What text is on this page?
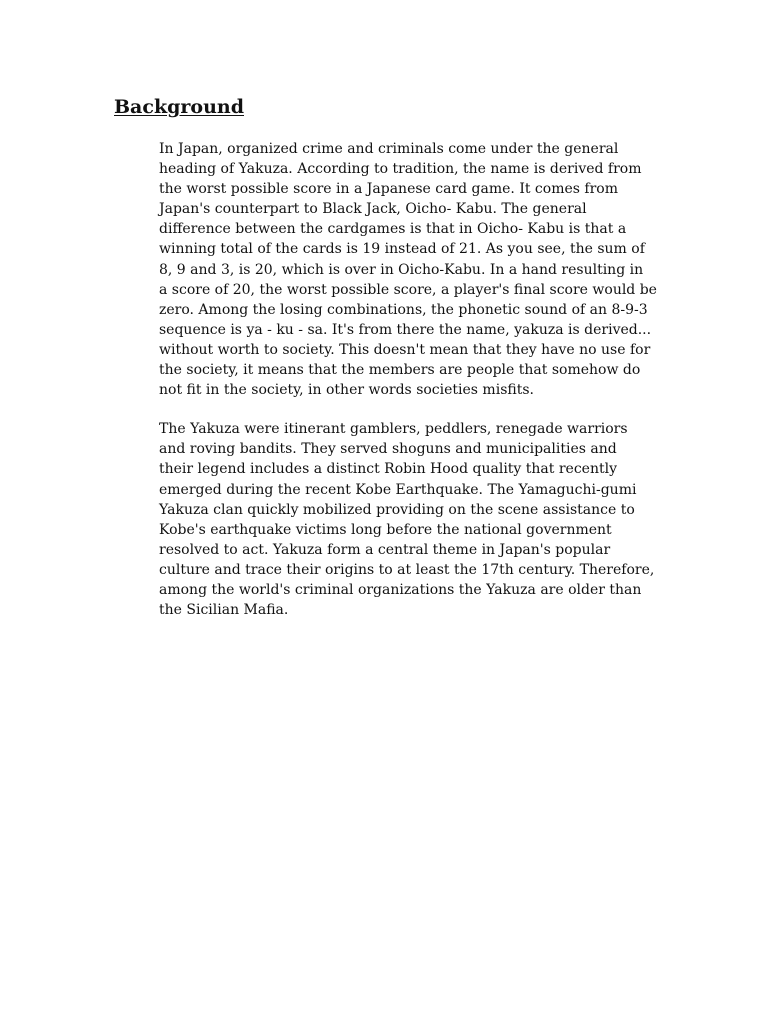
Background

In Japan, organized crime and criminals come under the general
heading of Yakuza. According to tradition, the name is derived from
the worst possible score in a Japanese card game. It comes from
Japan's counterpart to Black Jack, Oicho- Kabu. The general
difference between the cardgames is that in Oicho- Kabu is that a
winning total of the cards is 19 instead of 21. As you see, the sum of
8, 9 and 3, is 20, which is over in Oicho-Kabu. In a hand resulting in
a score of 20, the worst possible score, a player's final score would be
zero. Among the losing combinations, the phonetic sound of an 8-9-3
sequence is ya - ku - sa. It's from there the name, yakuza is derived...
without worth to society. This doesn't mean that they have no use for
the society, it means that the members are people that somehow do
not fit in the society, in other words societies misfits.

The Yakuza were itinerant gamblers, peddlers, renegade warriors
and roving bandits. They served shoguns and municipalities and
their legend includes a distinct Robin Hood quality that recently
emerged during the recent Kobe Earthquake. The Yamaguchi-gumi
Yakuza clan quickly mobilized providing on the scene assistance to
Kobe's earthquake victims long before the national government
resolved to act. Yakuza form a central theme in Japan's popular
culture and trace their origins to at least the 17th century. Therefore,
among the world's criminal organizations the Yakuza are older than
the Sicilian Mafia.
